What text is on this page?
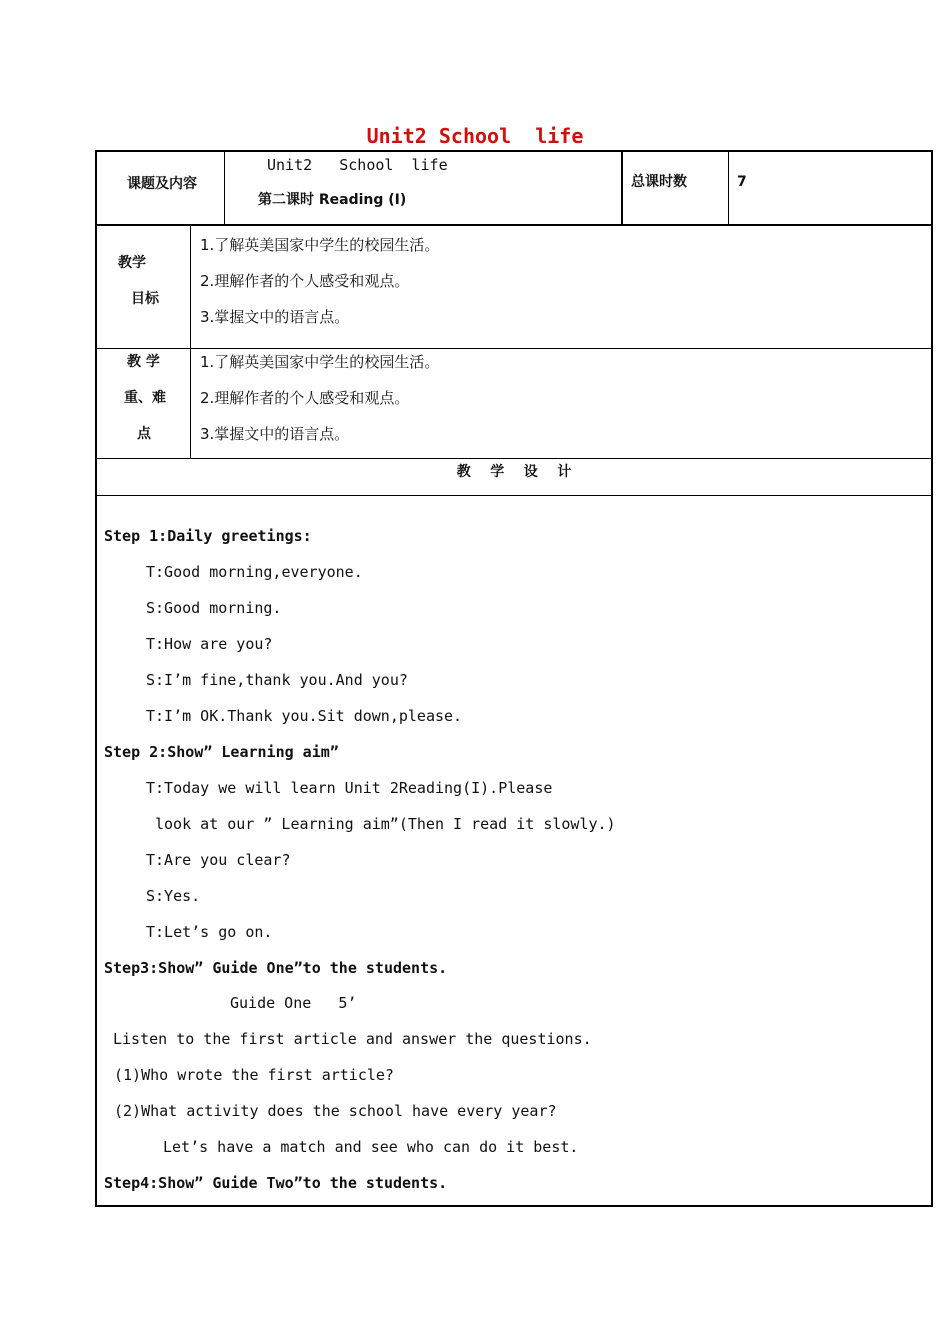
Unit2 School  life
课题及内容
Unit2   School  life
第二课时 Reading (I)
总课时数	7
教学
目标
1.了解英美国家中学生的校园生活。
2.理解作者的个人感受和观点。
3.掌握文中的语言点。
教 学
重、难
点
1.了解英美国家中学生的校园生活。
2.理解作者的个人感受和观点。
3.掌握文中的语言点。
教    学    设    计
Step 1:Daily greetings:
T:Good morning,everyone.
S:Good morning.
T:How are you?
S:I’m fine,thank you.And you?
T:I’m OK.Thank you.Sit down,please.
Step 2:Show” Learning aim”
T:Today we will learn Unit 2Reading(I).Please
look at our ” Learning aim”(Then I read it slowly.)
T:Are you clear?
S:Yes.
T:Let’s go on.
Step3:Show” Guide One”to the students.
Guide One   5’
Listen to the first article and answer the questions.
(1)Who wrote the first article?
(2)What activity does the school have every year?
Let’s have a match and see who can do it best.
Step4:Show” Guide Two”to the students.
